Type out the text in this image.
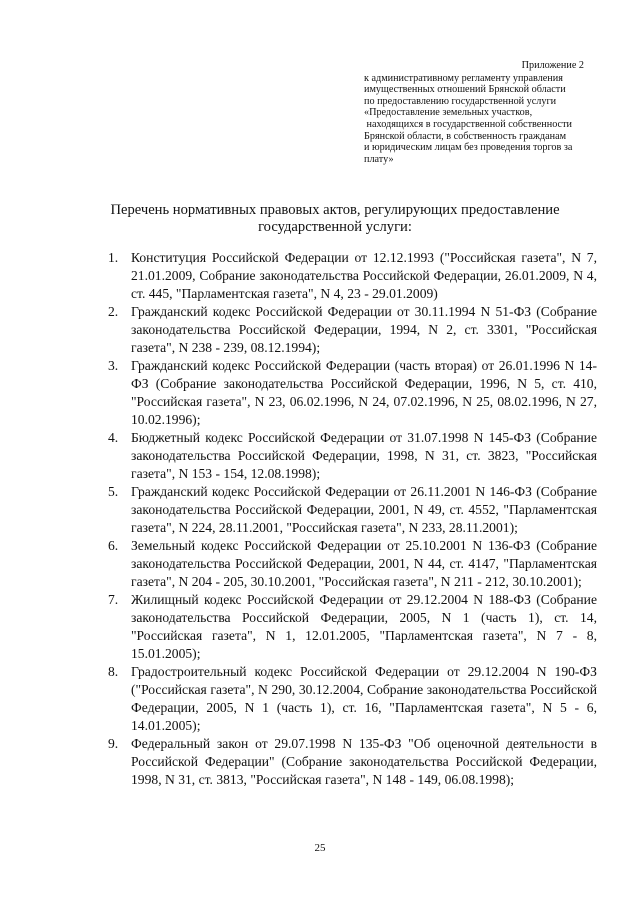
Приложение 2
к административному регламенту управления
имущественных отношений Брянской области
по предоставлению государственной услуги
«Предоставление земельных участков,
находящихся в государственной собственности
Брянской области, в собственность гражданам
и юридическим лицам без проведения торгов за
плату»
Перечень нормативных правовых актов, регулирующих предоставление государственной услуги:
1. Конституция Российской Федерации от 12.12.1993 ("Российская газета", N 7, 21.01.2009, Собрание законодательства Российской Федерации, 26.01.2009, N 4, ст. 445, "Парламентская газета", N 4, 23 - 29.01.2009)
2. Гражданский кодекс Российской Федерации от 30.11.1994 N 51-ФЗ (Собрание законодательства Российской Федерации, 1994, N 2, ст. 3301, "Российская газета", N 238 - 239, 08.12.1994);
3. Гражданский кодекс Российской Федерации (часть вторая) от 26.01.1996 N 14-ФЗ (Собрание законодательства Российской Федерации, 1996, N 5, ст. 410, "Российская газета", N 23, 06.02.1996, N 24, 07.02.1996, N 25, 08.02.1996, N 27, 10.02.1996);
4. Бюджетный кодекс Российской Федерации от 31.07.1998 N 145-ФЗ (Собрание законодательства Российской Федерации, 1998, N 31, ст. 3823, "Российская газета", N 153 - 154, 12.08.1998);
5. Гражданский кодекс Российской Федерации от 26.11.2001 N 146-ФЗ (Собрание законодательства Российской Федерации, 2001, N 49, ст. 4552, "Парламентская газета", N 224, 28.11.2001, "Российская газета", N 233, 28.11.2001);
6. Земельный кодекс Российской Федерации от 25.10.2001 N 136-ФЗ (Собрание законодательства Российской Федерации, 2001, N 44, ст. 4147, "Парламентская газета", N 204 - 205, 30.10.2001, "Российская газета", N 211 - 212, 30.10.2001);
7. Жилищный кодекс Российской Федерации от 29.12.2004 N 188-ФЗ (Собрание законодательства Российской Федерации, 2005, N 1 (часть 1), ст. 14, "Российская газета", N 1, 12.01.2005, "Парламентская газета", N 7 - 8, 15.01.2005);
8. Градостроительный кодекс Российской Федерации от 29.12.2004 N 190-ФЗ ("Российская газета", N 290, 30.12.2004, Собрание законодательства Российской Федерации, 2005, N 1 (часть 1), ст. 16, "Парламентская газета", N 5 - 6, 14.01.2005);
9. Федеральный закон от 29.07.1998 N 135-ФЗ "Об оценочной деятельности в Российской Федерации" (Собрание законодательства Российской Федерации, 1998, N 31, ст. 3813, "Российская газета", N 148 - 149, 06.08.1998);
25
